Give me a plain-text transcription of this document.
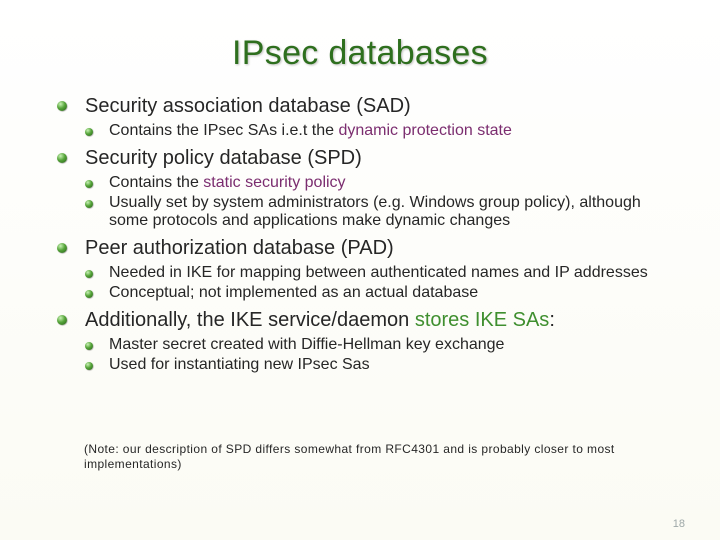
IPsec databases
Security association database (SAD)
Contains the IPsec SAs i.e.t the dynamic protection state
Security policy database (SPD)
Contains the static security policy
Usually set by system administrators (e.g. Windows group policy), although some protocols and applications make dynamic changes
Peer authorization database (PAD)
Needed in IKE for mapping between authenticated names and IP addresses
Conceptual; not implemented as an actual database
Additionally, the IKE service/daemon stores IKE SAs:
Master secret created with Diffie-Hellman key exchange
Used for instantiating new IPsec Sas
(Note: our description of SPD differs somewhat from RFC4301 and is probably closer to most implementations)
18
